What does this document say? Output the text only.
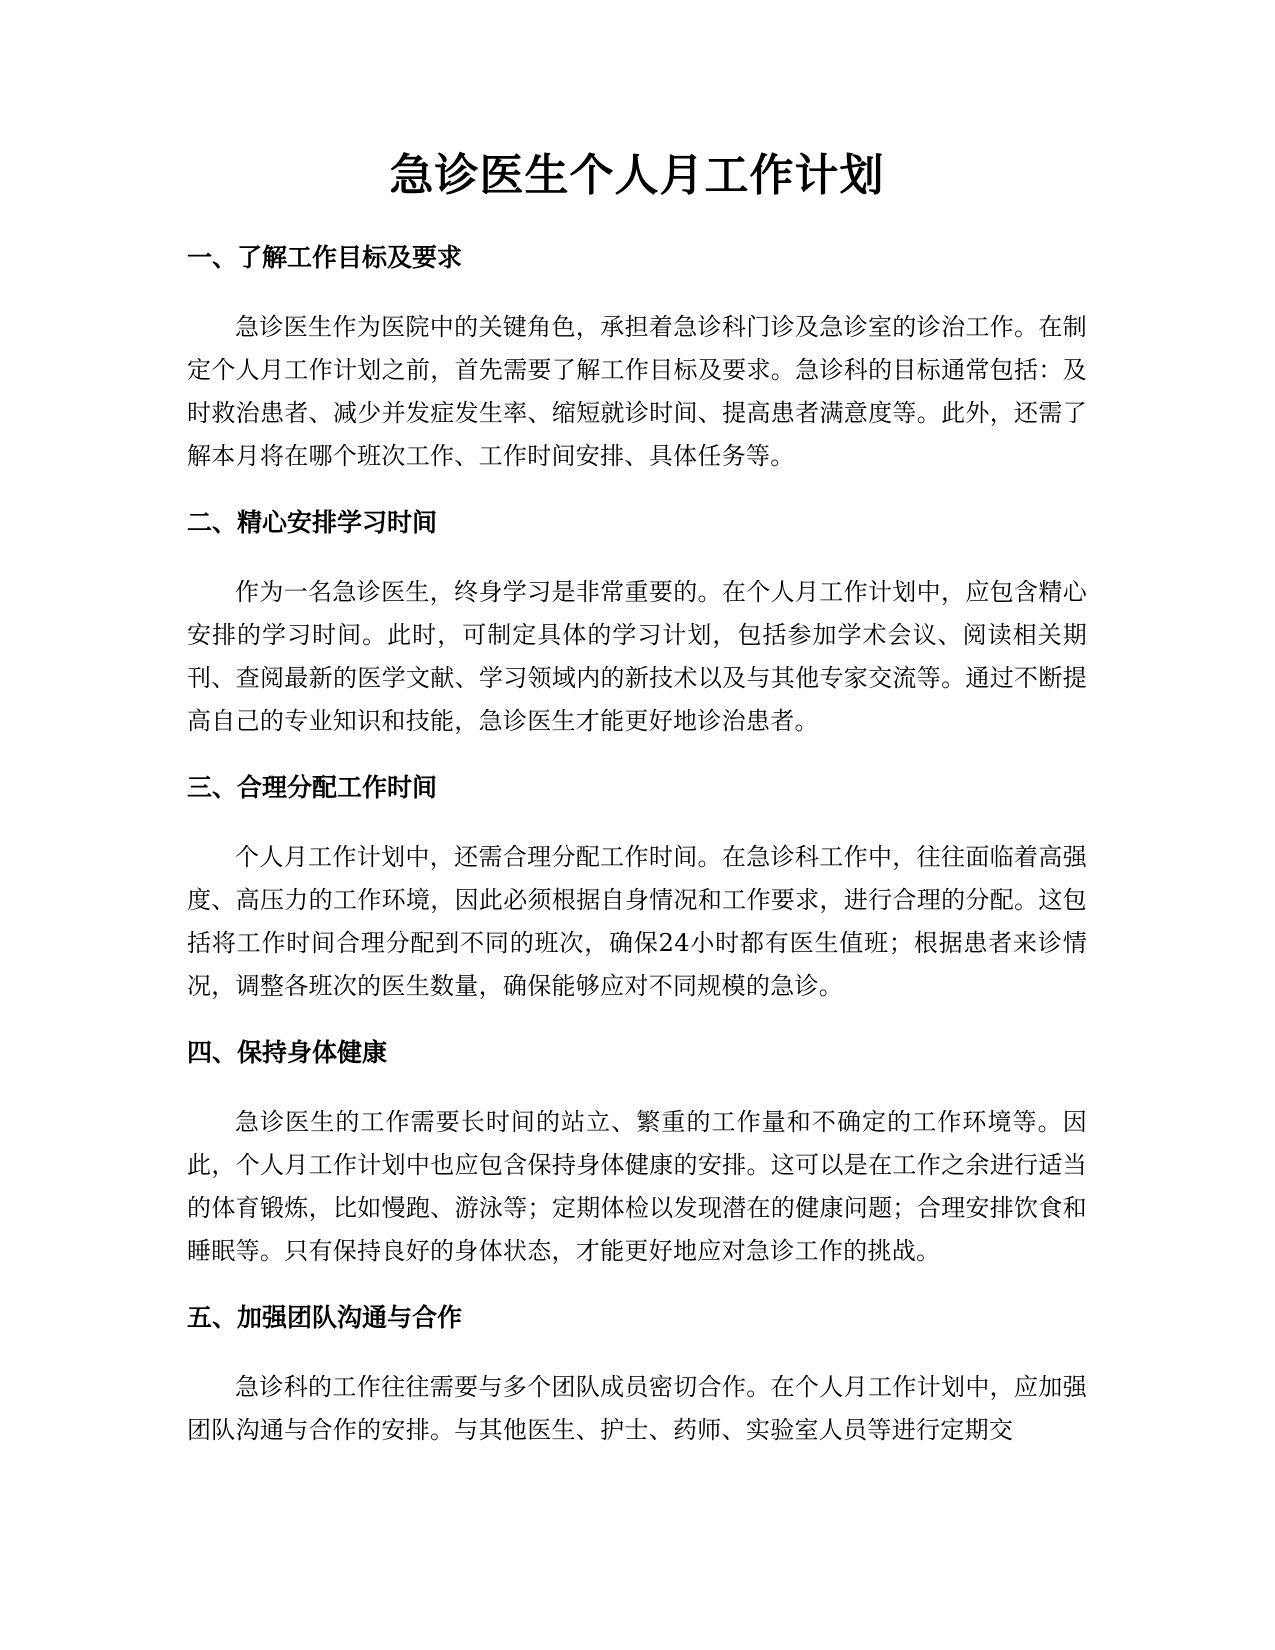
急诊医生个人月工作计划
一、了解工作目标及要求

急诊医生作为医院中的关键角色，承担着急诊科门诊及急诊室的诊治工作。在制定个人月工作计划之前，首先需要了解工作目标及要求。急诊科的目标通常包括：及时救治患者、减少并发症发生率、缩短就诊时间、提高患者满意度等。此外，还需了解本月将在哪个班次工作、工作时间安排、具体任务等。

二、精心安排学习时间

作为一名急诊医生，终身学习是非常重要的。在个人月工作计划中，应包含精心安排的学习时间。此时，可制定具体的学习计划，包括参加学术会议、阅读相关期刊、查阅最新的医学文献、学习领域内的新技术以及与其他专家交流等。通过不断提高自己的专业知识和技能，急诊医生才能更好地诊治患者。

三、合理分配工作时间

个人月工作计划中，还需合理分配工作时间。在急诊科工作中，往往面临着高强度、高压力的工作环境，因此必须根据自身情况和工作要求，进行合理的分配。这包括将工作时间合理分配到不同的班次，确保24小时都有医生值班；根据患者来诊情况，调整各班次的医生数量，确保能够应对不同规模的急诊。

四、保持身体健康

急诊医生的工作需要长时间的站立、繁重的工作量和不确定的工作环境等。因此，个人月工作计划中也应包含保持身体健康的安排。这可以是在工作之余进行适当的体育锻炼，比如慢跑、游泳等；定期体检以发现潜在的健康问题；合理安排饮食和睡眠等。只有保持良好的身体状态，才能更好地应对急诊工作的挑战。

五、加强团队沟通与合作

急诊科的工作往往需要与多个团队成员密切合作。在个人月工作计划中，应加强团队沟通与合作的安排。与其他医生、护士、药师、实验室人员等进行定期交
